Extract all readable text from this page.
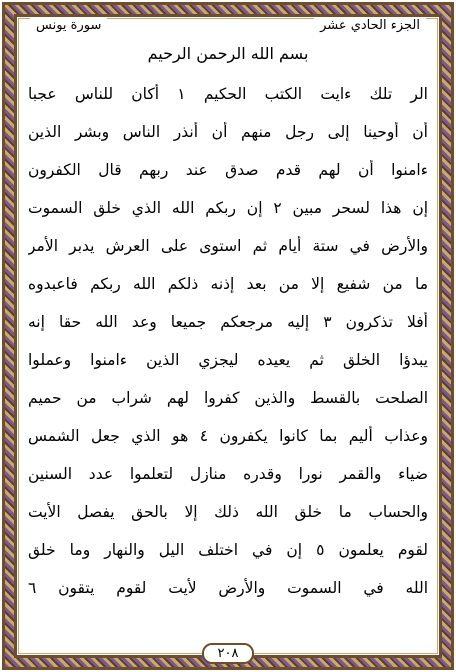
سورة يونس	الجزء الحادي عشر
بسم الله الرحمن الرحيم
الر تلك ءايت الكتب الحكيم ١ أكان للناس عجبا
أن أوحينا إلى رجل منهم أن أنذر الناس وبشر الذين
ءامنوا أن لهم قدم صدق عند ربهم قال الكفرون
إن هذا لسحر مبين ٢ إن ربكم الله الذي خلق السموت
والأرض في ستة أيام ثم استوى على العرش يدبر الأمر
ما من شفيع إلا من بعد إذنه ذلكم الله ربكم فاعبدوه
أفلا تذكرون ٣ إليه مرجعكم جميعا وعد الله حقا إنه
يبدؤا الخلق ثم يعيده ليجزي الذين ءامنوا وعملوا
الصلحت بالقسط والذين كفروا لهم شراب من حميم
وعذاب أليم بما كانوا يكفرون ٤ هو الذي جعل الشمس
ضياء والقمر نورا وقدره منازل لتعلموا عدد السنين
والحساب ما خلق الله ذلك إلا بالحق يفصل الأيت
لقوم يعلمون ٥ إن في اختلف اليل والنهار وما خلق
الله في السموت والأرض لأيت لقوم يتقون ٦
٢٠٨
